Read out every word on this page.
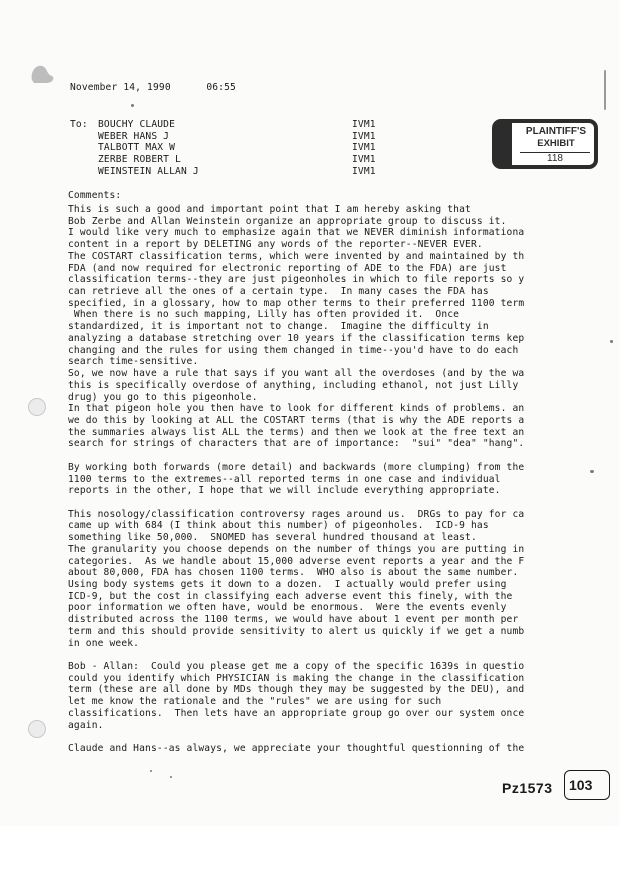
November 14, 1990	06:55
To: BOUCHY CLAUDE	IVM1
WEBER HANS J	IVM1
TALBOTT MAX W	IVM1
ZERBE ROBERT L	IVM1
WEINSTEIN ALLAN J	IVM1
PLAINTIFF'S
EXHIBIT
118
Comments:
This is such a good and important point that I am hereby asking that
Bob Zerbe and Allan Weinstein organize an appropriate group to discuss it.
I would like very much to emphasize again that we NEVER diminish informationa
content in a report by DELETING any words of the reporter--NEVER EVER.
The COSTART classification terms, which were invented by and maintained by th
FDA (and now required for electronic reporting of ADE to the FDA) are just
classification terms--they are just pigeonholes in which to file reports so y
can retrieve all the ones of a certain type.  In many cases the FDA has
specified, in a glossary, how to map other terms to their preferred 1100 term
When there is no such mapping, Lilly has often provided it.  Once
standardized, it is important not to change.  Imagine the difficulty in
analyzing a database stretching over 10 years if the classification terms kep
changing and the rules for using them changed in time--you'd have to do each
search time-sensitive.
So, we now have a rule that says if you want all the overdoses (and by the wa
this is specifically overdose of anything, including ethanol, not just Lilly
drug) you go to this pigeonhole.
In that pigeon hole you then have to look for different kinds of problems. an
we do this by looking at ALL the COSTART terms (that is why the ADE reports a
the summaries always list ALL the terms) and then we look at the free text an
search for strings of characters that are of importance:  "sui" "dea" "hang".
By working both forwards (more detail) and backwards (more clumping) from the
1100 terms to the extremes--all reported terms in one case and individual
reports in the other, I hope that we will include everything appropriate.
This nosology/classification controversy rages around us.  DRGs to pay for ca
came up with 684 (I think about this number) of pigeonholes.  ICD-9 has
something like 50,000.  SNOMED has several hundred thousand at least.
The granularity you choose depends on the number of things you are putting in
categories.  As we handle about 15,000 adverse event reports a year and the F
about 80,000, FDA has chosen 1100 terms.  WHO also is about the same number.
Using body systems gets it down to a dozen.  I actually would prefer using
ICD-9, but the cost in classifying each adverse event this finely, with the
poor information we often have, would be enormous.  Were the events evenly
distributed across the 1100 terms, we would have about 1 event per month per
term and this should provide sensitivity to alert us quickly if we get a numb
in one week.
Bob - Allan:  Could you please get me a copy of the specific 1639s in questio
could you identify which PHYSICIAN is making the change in the classification
term (these are all done by MDs though they may be suggested by the DEU), and
let me know the rationale and the "rules" we are using for such
classifications.  Then lets have an appropriate group go over our system once
again.
Claude and Hans--as always, we appreciate your thoughtful questionning of the
Pz1573 103
